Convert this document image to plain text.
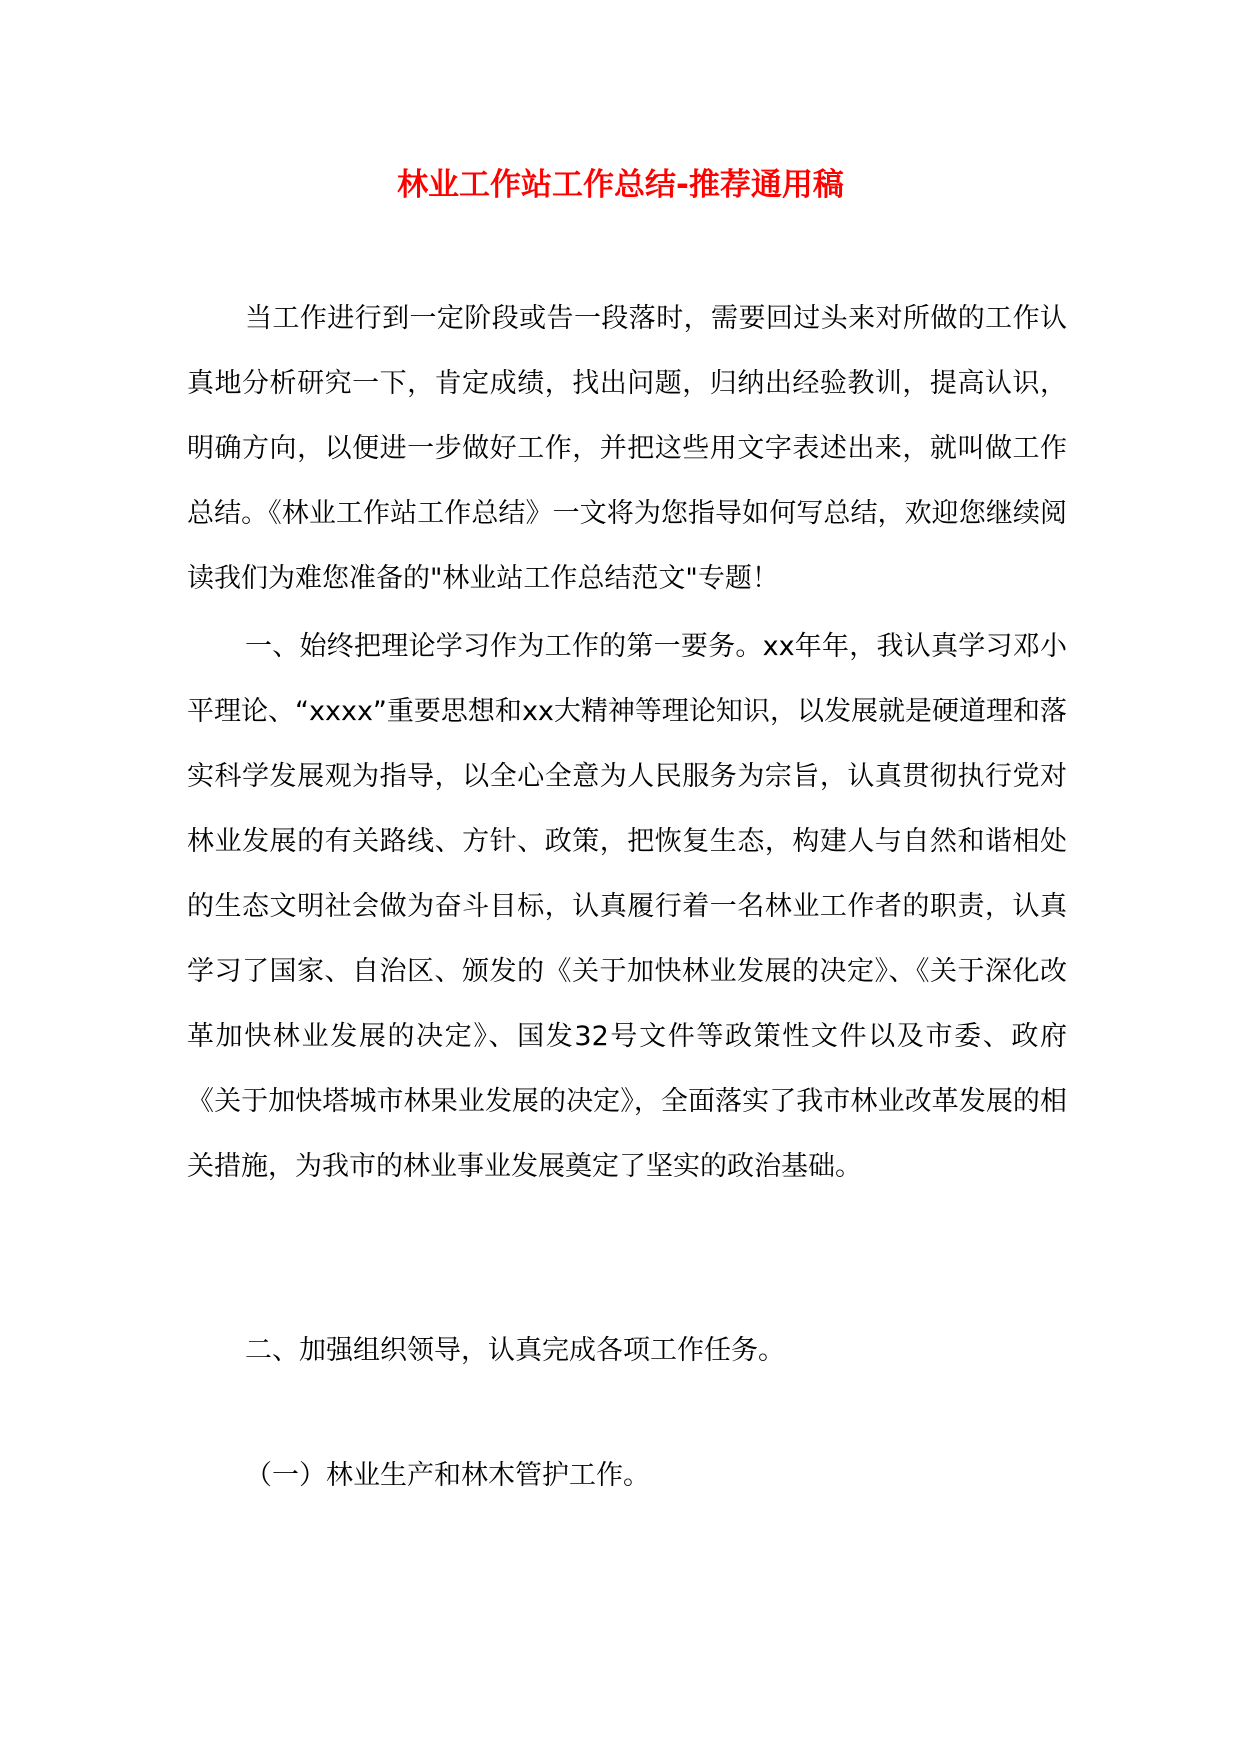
林业工作站工作总结-推荐通用稿

当工作进行到一定阶段或告一段落时，需要回过头来对所做的工作认真地分析研究一下，肯定成绩，找出问题，归纳出经验教训，提高认识，明确方向，以便进一步做好工作，并把这些用文字表述出来，就叫做工作总结。《林业工作站工作总结》一文将为您指导如何写总结，欢迎您继续阅读我们为难您准备的"林业站工作总结范文"专题！

一、始终把理论学习作为工作的第一要务。xx年年，我认真学习邓小平理论、“xxxx”重要思想和xx大精神等理论知识，以发展就是硬道理和落实科学发展观为指导，以全心全意为人民服务为宗旨，认真贯彻执行党对林业发展的有关路线、方针、政策，把恢复生态，构建人与自然和谐相处的生态文明社会做为奋斗目标，认真履行着一名林业工作者的职责，认真学习了国家、自治区、颁发的《关于加快林业发展的决定》、《关于深化改革加快林业发展的决定》、国发32号文件等政策性文件以及市委、政府《关于加快塔城市林果业发展的决定》，全面落实了我市林业改革发展的相关措施，为我市的林业事业发展奠定了坚实的政治基础。

二、加强组织领导，认真完成各项工作任务。

（一）林业生产和林木管护工作。
